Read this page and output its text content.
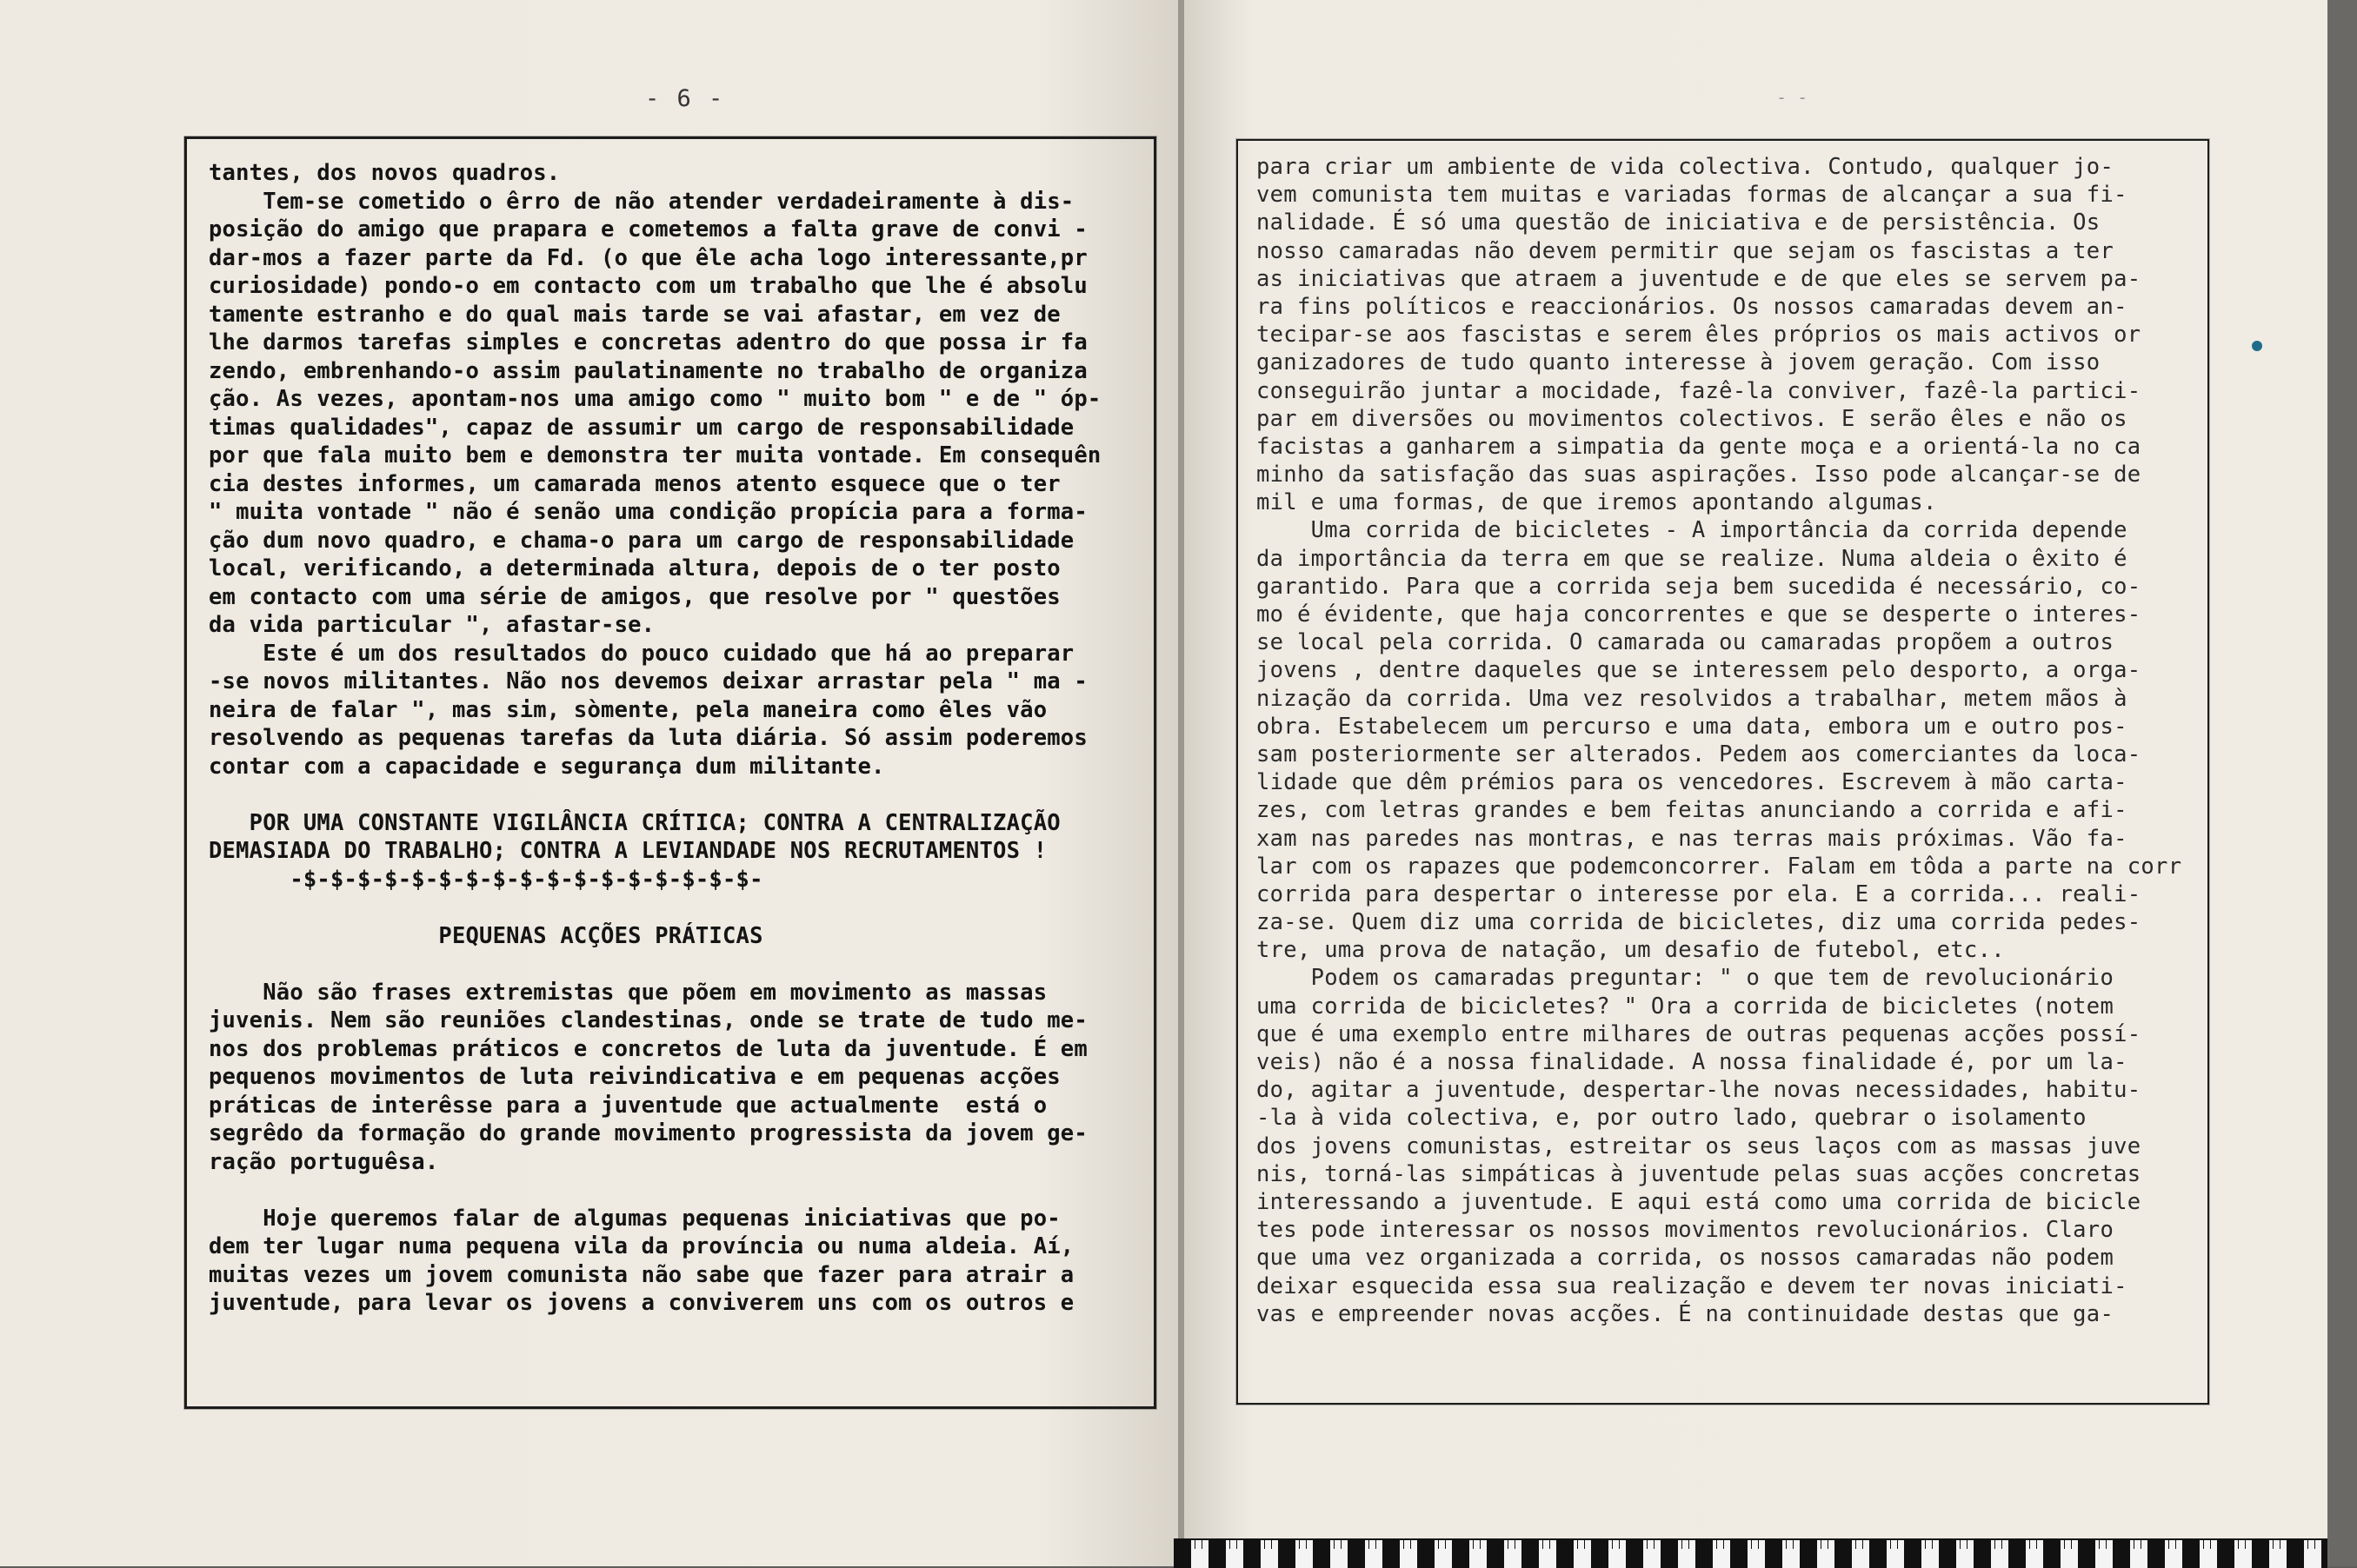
- 6 -	- -
tantes, dos novos quadros.
Tem-se cometido o êrro de não atender verdadeiramente à dis-
posição do amigo que prapara e cometemos a falta grave de convi -
dar-mos a fazer parte da Fd. (o que êle acha logo interessante,pr
curiosidade) pondo-o em contacto com um trabalho que lhe é absolu
tamente estranho e do qual mais tarde se vai afastar, em vez de
lhe darmos tarefas simples e concretas adentro do que possa ir fa
zendo, embrenhando-o assim paulatinamente no trabalho de organiza
ção. As vezes, apontam-nos uma amigo como " muito bom " e de " óp-
timas qualidades", capaz de assumir um cargo de responsabilidade
por que fala muito bem e demonstra ter muita vontade. Em consequên
cia destes informes, um camarada menos atento esquece que o ter
" muita vontade " não é senão uma condição propícia para a forma-
ção dum novo quadro, e chama-o para um cargo de responsabilidade
local, verificando, a determinada altura, depois de o ter posto
em contacto com uma série de amigos, que resolve por " questões
da vida particular ", afastar-se.
Este é um dos resultados do pouco cuidado que há ao preparar
-se novos militantes. Não nos devemos deixar arrastar pela " ma -
neira de falar ", mas sim, sòmente, pela maneira como êles vão
resolvendo as pequenas tarefas da luta diária. Só assim poderemos
contar com a capacidade e segurança dum militante.
POR UMA CONSTANTE VIGILÂNCIA CRÍTICA; CONTRA A CENTRALIZAÇÃO
DEMASIADA DO TRABALHO; CONTRA A LEVIANDADE NOS RECRUTAMENTOS !
-$-$-$-$-$-$-$-$-$-$-$-$-$-$-$-$-$-
PEQUENAS ACÇÕES PRÁTICAS
Não são frases extremistas que põem em movimento as massas
juvenis. Nem são reuniões clandestinas, onde se trate de tudo me-
nos dos problemas práticos e concretos de luta da juventude. É em
pequenos movimentos de luta reivindicativa e em pequenas acções
práticas de interêsse para a juventude que actualmente  está o
segrêdo da formação do grande movimento progressista da jovem ge-
ração portuguêsa.
Hoje queremos falar de algumas pequenas iniciativas que po-
dem ter lugar numa pequena vila da província ou numa aldeia. Aí,
muitas vezes um jovem comunista não sabe que fazer para atrair a
juventude, para levar os jovens a conviverem uns com os outros e
para criar um ambiente de vida colectiva. Contudo, qualquer jo-
vem comunista tem muitas e variadas formas de alcançar a sua fi-
nalidade. É só uma questão de iniciativa e de persistência. Os
nosso camaradas não devem permitir que sejam os fascistas a ter
as iniciativas que atraem a juventude e de que eles se servem pa-
ra fins políticos e reaccionários. Os nossos camaradas devem an-
tecipar-se aos fascistas e serem êles próprios os mais activos or
ganizadores de tudo quanto interesse à jovem geração. Com isso
conseguirão juntar a mocidade, fazê-la conviver, fazê-la partici-
par em diversões ou movimentos colectivos. E serão êles e não os
facistas a ganharem a simpatia da gente moça e a orientá-la no ca
minho da satisfação das suas aspirações. Isso pode alcançar-se de
mil e uma formas, de que iremos apontando algumas.
Uma corrida de bicicletes - A importância da corrida depende
da importância da terra em que se realize. Numa aldeia o êxito é
garantido. Para que a corrida seja bem sucedida é necessário, co-
mo é évidente, que haja concorrentes e que se desperte o interes-
se local pela corrida. O camarada ou camaradas propõem a outros
jovens , dentre daqueles que se interessem pelo desporto, a orga-
nização da corrida. Uma vez resolvidos a trabalhar, metem mãos à
obra. Estabelecem um percurso e uma data, embora um e outro pos-
sam posteriormente ser alterados. Pedem aos comerciantes da loca-
lidade que dêm prémios para os vencedores. Escrevem à mão carta-
zes, com letras grandes e bem feitas anunciando a corrida e afi-
xam nas paredes nas montras, e nas terras mais próximas. Vão fa-
lar com os rapazes que podemconcorrer. Falam em tôda a parte na corr
corrida para despertar o interesse por ela. E a corrida... reali-
za-se. Quem diz uma corrida de bicicletes, diz uma corrida pedes-
tre, uma prova de natação, um desafio de futebol, etc..
Podem os camaradas preguntar: " o que tem de revolucionário
uma corrida de bicicletes? " Ora a corrida de bicicletes (notem
que é uma exemplo entre milhares de outras pequenas acções possí-
veis) não é a nossa finalidade. A nossa finalidade é, por um la-
do, agitar a juventude, despertar-lhe novas necessidades, habitu-
-la à vida colectiva, e, por outro lado, quebrar o isolamento
dos jovens comunistas, estreitar os seus laços com as massas juve
nis, torná-las simpáticas à juventude pelas suas acções concretas
interessando a juventude. E aqui está como uma corrida de bicicle
tes pode interessar os nossos movimentos revolucionários. Claro
que uma vez organizada a corrida, os nossos camaradas não podem
deixar esquecida essa sua realização e devem ter novas iniciati-
vas e empreender novas acções. É na continuidade destas que ga-
